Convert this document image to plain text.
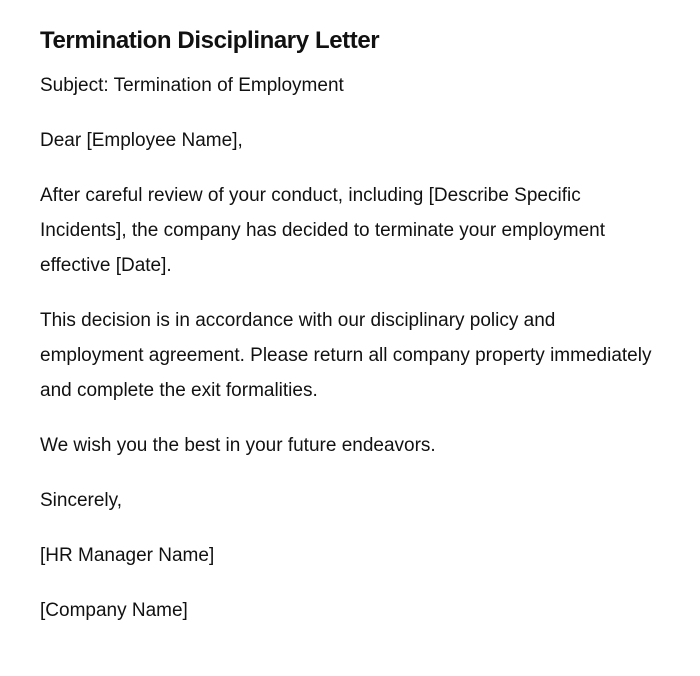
Termination Disciplinary Letter

Subject: Termination of Employment

Dear [Employee Name],

After careful review of your conduct, including [Describe Specific Incidents], the company has decided to terminate your employment effective [Date].

This decision is in accordance with our disciplinary policy and employment agreement. Please return all company property immediately and complete the exit formalities.

We wish you the best in your future endeavors.

Sincerely,

[HR Manager Name]

[Company Name]
